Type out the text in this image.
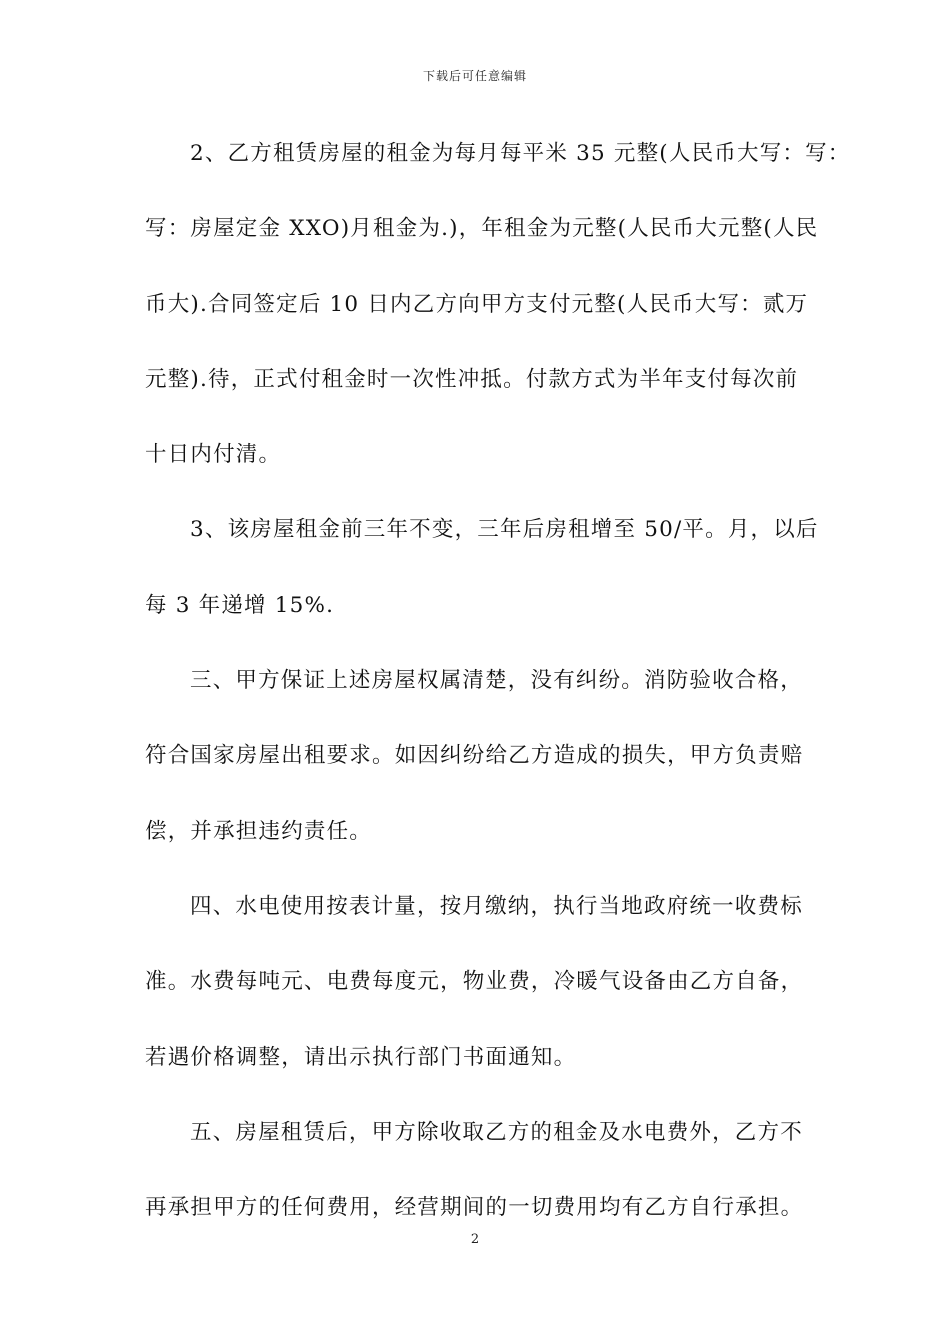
下载后可任意编辑
2、乙方租赁房屋的租金为每月每平米 35 元整(人民币大写：写：
写：房屋定金 XXO)月租金为.)，年租金为元整(人民币大元整(人民
币大).合同签定后 10 日内乙方向甲方支付元整(人民币大写：贰万
元整).待，正式付租金时一次性冲抵。付款方式为半年支付每次前
十日内付清。
3、该房屋租金前三年不变，三年后房租增至 50/平。月，以后
每 3 年递增 15%.
三、甲方保证上述房屋权属清楚，没有纠纷。消防验收合格，
符合国家房屋出租要求。如因纠纷给乙方造成的损失，甲方负责赔
偿，并承担违约责任。
四、水电使用按表计量，按月缴纳，执行当地政府统一收费标
准。水费每吨元、电费每度元，物业费，冷暖气设备由乙方自备，
若遇价格调整，请出示执行部门书面通知。
五、房屋租赁后，甲方除收取乙方的租金及水电费外，乙方不
再承担甲方的任何费用，经营期间的一切费用均有乙方自行承担。
2
